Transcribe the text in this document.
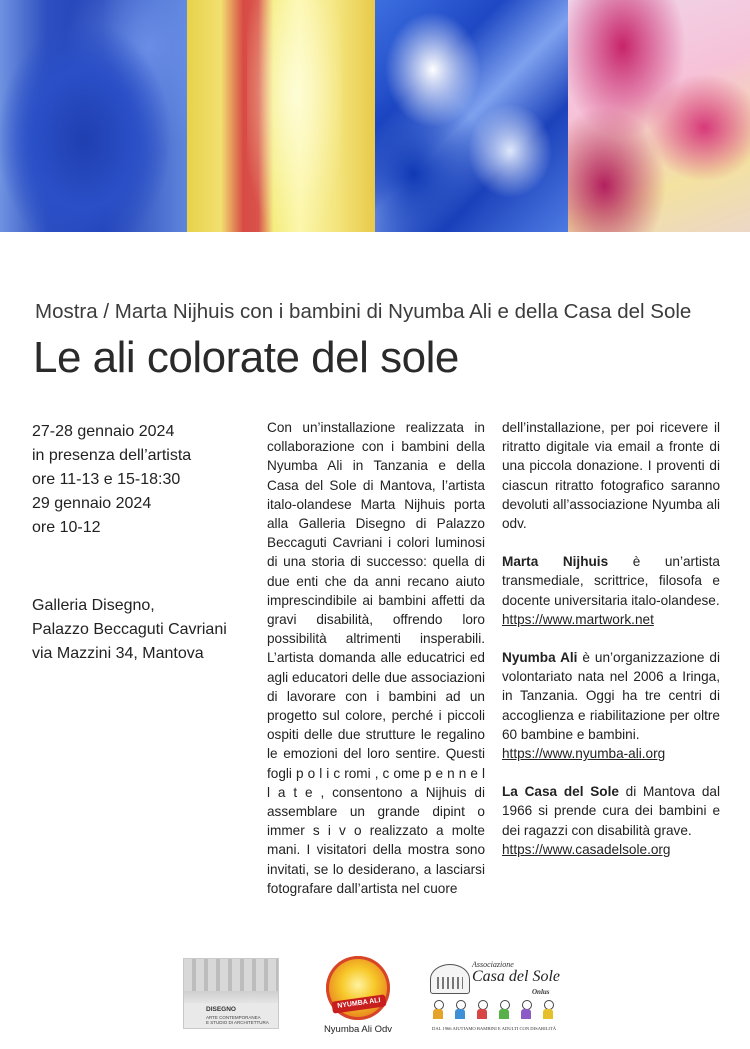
Mostra / Marta Nijhuis con i bambini di Nyumba Ali e della Casa del Sole
Le ali colorate del sole
27-28 gennaio 2024
in presenza dell’artista
ore 11-13 e 15-18:30
29 gennaio 2024
ore 10-12
Galleria Disegno,
Palazzo Beccaguti Cavriani
via Mazzini 34, Mantova

Con un’installazione realizzata in collaborazione con i bambini della Nyumba Ali in Tanzania e della Casa del Sole di Mantova, l’artista italo-olandese Marta Nijhuis porta alla Galleria Disegno di Palazzo Beccaguti Cavriani i colori luminosi di una storia di successo: quella di due enti che da anni recano aiuto imprescindibile ai bambini affetti da gravi disabilità, offrendo loro possibilità altrimenti insperabili. L’artista domanda alle educatrici ed agli educatori delle due associazioni di lavorare con i bambini ad un progetto sul colore, perché i piccoli ospiti delle due strutture le regalino le emozioni del loro sentire. Questi fogli p o l i c romi , c ome p e n n e l l a t e , consentono a Nijhuis di assemblare un grande dipint o immer s i v o realizzato a molte mani. I visitatori della mostra sono invitati, se lo desiderano, a lasciarsi fotografare dall’artista nel cuore

dell’installazione, per poi ricevere il ritratto digitale via email a fronte di una piccola donazione. I proventi di ciascun ritratto fotografico saranno devoluti all’associazione Nyumba ali odv.

Marta Nijhuis è un’artista transmediale, scrittrice, filosofa e docente universitaria italo-olandese.

https://www.martwork.net

Nyumba Ali è un’organizzazione di volontariato nata nel 2006 a Iringa, in Tanzania. Oggi ha tre centri di accoglienza e riabilitazione per oltre 60 bambine e bambini.

https://www.nyumba-ali.org

La Casa del Sole di Mantova dal 1966 si prende cura dei bambini e dei ragazzi con disabilità grave.

https://www.casadelsole.org

DISEGNO
ARTE CONTEMPORANEA
E STUDIO DI ARCHITETTURA
NYUMBA ALI
Nyumba Ali Odv
Associazione
Casa del Sole
Onlus
DAL 1966 AIUTIAMO BAMBINI E ADULTI CON DISABILITÀ
